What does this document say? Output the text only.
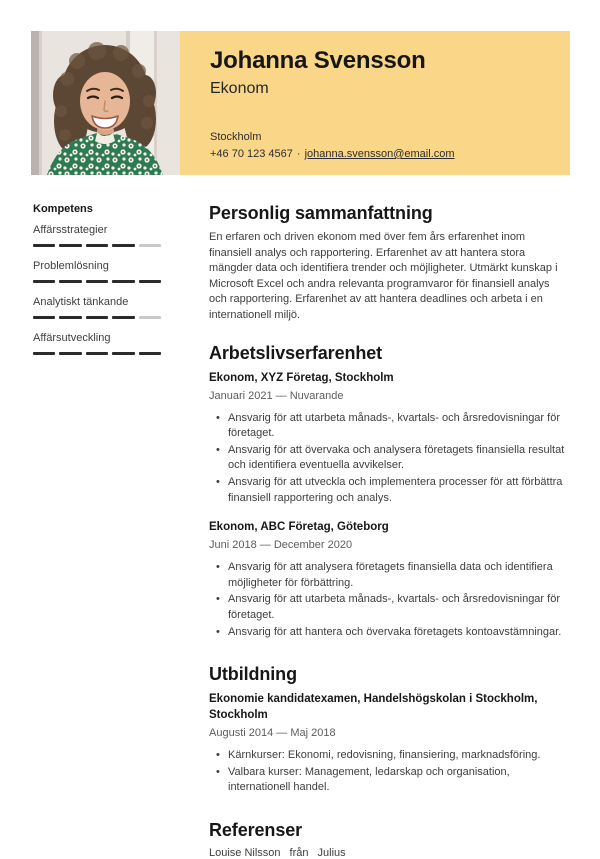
Johanna Svensson
Ekonom
Stockholm
+46 70 123 4567 · johanna.svensson@email.com
Kompetens
Affärsstrategier
Problemlösning
Analytiskt tänkande
Affärsutveckling
Personlig sammanfattning

En erfaren och driven ekonom med över fem års erfarenhet inom finansiell analys och rapportering. Erfarenhet av att hantera stora mängder data och identifiera trender och möjligheter. Utmärkt kunskap i Microsoft Excel och andra relevanta programvaror för finansiell analys och rapportering. Erfarenhet av att hantera deadlines och arbeta i en internationell miljö.

Arbetslivserfarenhet
Ekonom, XYZ Företag, Stockholm
Januari 2021 — Nuvarande
• Ansvarig för att utarbeta månads-, kvartals- och årsredovisningar för företaget.
• Ansvarig för att övervaka och analysera företagets finansiella resultat och identifiera eventuella avvikelser.
• Ansvarig för att utveckla och implementera processer för att förbättra finansiell rapportering och analys.
Ekonom, ABC Företag, Göteborg
Juni 2018 — December 2020
• Ansvarig för att analysera företagets finansiella data och identifiera möjligheter för förbättring.
• Ansvarig för att utarbeta månads-, kvartals- och årsredovisningar för företaget.
• Ansvarig för att hantera och övervaka företagets kontoavstämningar.
Utbildning
Ekonomie kandidatexamen, Handelshögskolan i Stockholm, Stockholm
Augusti 2014 — Maj 2018
• Kärnkurser: Ekonomi, redovisning, finansiering, marknadsföring.
• Valbara kurser: Management, ledarskap och organisation, internationell handel.
Referenser

Louise Nilsson från Julius
